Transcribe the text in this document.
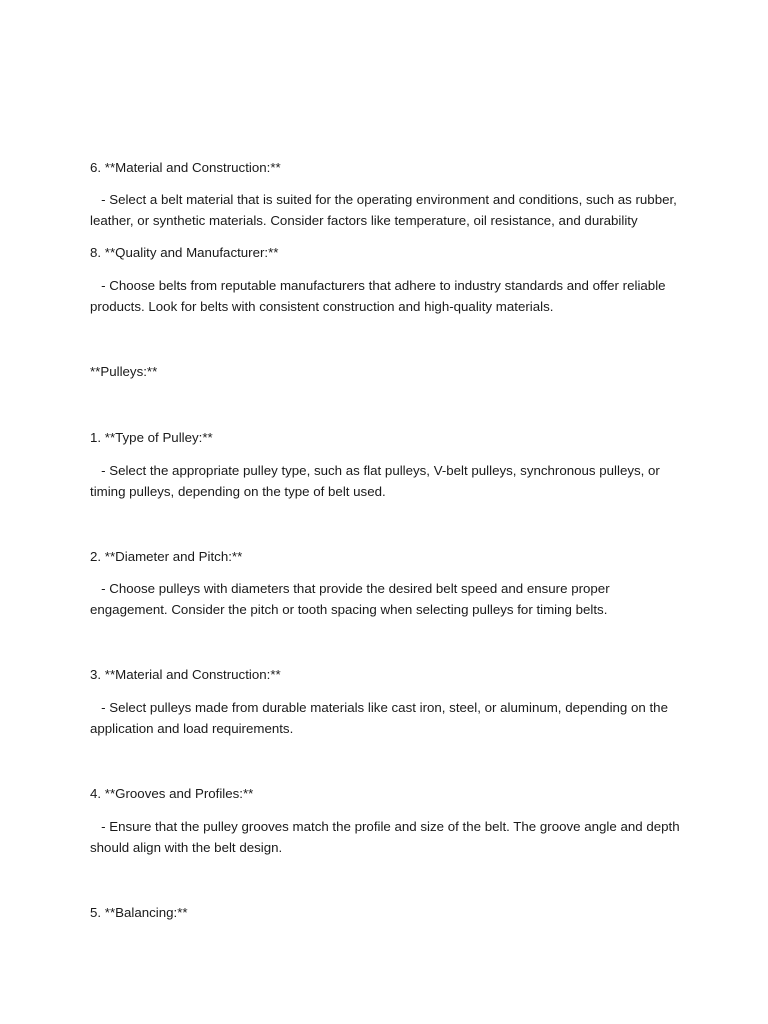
6. **Material and Construction:**
- Select a belt material that is suited for the operating environment and conditions, such as rubber, leather, or synthetic materials. Consider factors like temperature, oil resistance, and durability
8. **Quality and Manufacturer:**
- Choose belts from reputable manufacturers that adhere to industry standards and offer reliable products. Look for belts with consistent construction and high-quality materials.
**Pulleys:**
1. **Type of Pulley:**
- Select the appropriate pulley type, such as flat pulleys, V-belt pulleys, synchronous pulleys, or timing pulleys, depending on the type of belt used.
2. **Diameter and Pitch:**
- Choose pulleys with diameters that provide the desired belt speed and ensure proper engagement. Consider the pitch or tooth spacing when selecting pulleys for timing belts.
3. **Material and Construction:**
- Select pulleys made from durable materials like cast iron, steel, or aluminum, depending on the application and load requirements.
4. **Grooves and Profiles:**
- Ensure that the pulley grooves match the profile and size of the belt. The groove angle and depth should align with the belt design.
5. **Balancing:**
